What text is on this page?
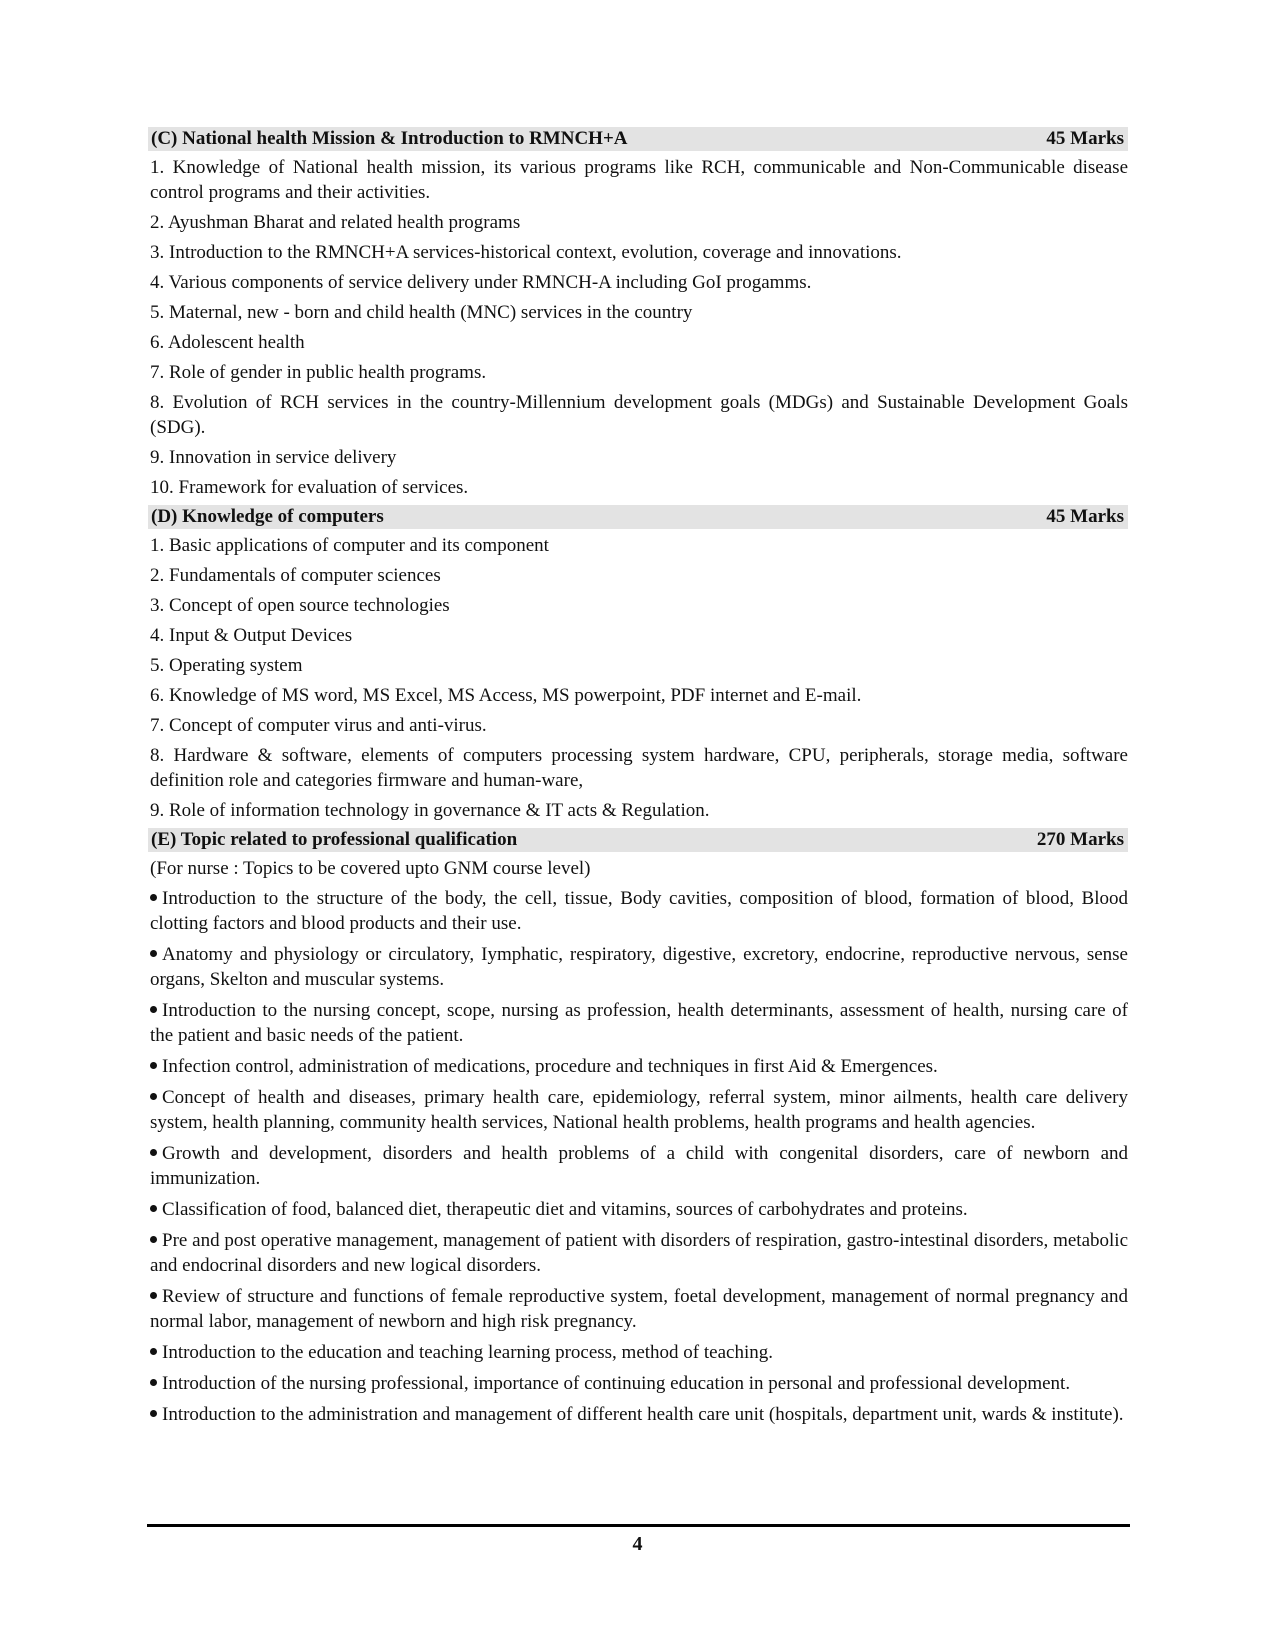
(C) National health Mission & Introduction to RMNCH+A	45 Marks
1. Knowledge of National health mission, its various programs like RCH, communicable and Non-Communicable disease control programs and their activities.
2. Ayushman Bharat and related health programs
3. Introduction to the RMNCH+A services-historical context, evolution, coverage and innovations.
4. Various components of service delivery under RMNCH-A including GoI progamms.
5. Maternal, new - born and child health (MNC) services in the country
6. Adolescent health
7. Role of gender in public health programs.
8. Evolution of RCH services in the country-Millennium development goals (MDGs) and Sustainable Development Goals (SDG).
9. Innovation in service delivery
10. Framework for evaluation of services.
(D) Knowledge of computers	45 Marks
1. Basic applications of computer and its component
2. Fundamentals of computer sciences
3. Concept of open source technologies
4. Input & Output Devices
5. Operating system
6. Knowledge of MS word, MS Excel, MS Access, MS powerpoint, PDF internet and E-mail.
7. Concept of computer virus and anti-virus.
8. Hardware & software, elements of computers processing system hardware, CPU, peripherals, storage media, software definition role and categories firmware and human-ware,
9. Role of information technology in governance & IT acts & Regulation.
(E) Topic related to professional qualification	270 Marks
(For nurse : Topics to be covered upto GNM course level)
Introduction to the structure of the body, the cell, tissue, Body cavities, composition of blood, formation of blood, Blood clotting factors and blood products and their use.
Anatomy and physiology or circulatory, Iymphatic, respiratory, digestive, excretory, endocrine, reproductive nervous, sense organs, Skelton and muscular systems.
Introduction to the nursing concept, scope, nursing as profession, health determinants, assessment of health, nursing care of the patient and basic needs of the patient.
Infection control, administration of medications, procedure and techniques in first Aid & Emergences.
Concept of health and diseases, primary health care, epidemiology, referral system, minor ailments, health care delivery system, health planning, community health services, National health problems, health programs and health agencies.
Growth and development, disorders and health problems of a child with congenital disorders, care of newborn and immunization.
Classification of food, balanced diet, therapeutic diet and vitamins, sources of carbohydrates and proteins.
Pre and post operative management, management of patient with disorders of respiration, gastro-intestinal disorders, metabolic and endocrinal disorders and new logical disorders.
Review of structure and functions of female reproductive system, foetal development, management of normal pregnancy and normal labor, management of newborn and high risk pregnancy.
Introduction to the education and teaching learning process, method of teaching.
Introduction of the nursing professional, importance of continuing education in personal and professional development.
Introduction to the administration and management of different health care unit (hospitals, department unit, wards & institute).
4
